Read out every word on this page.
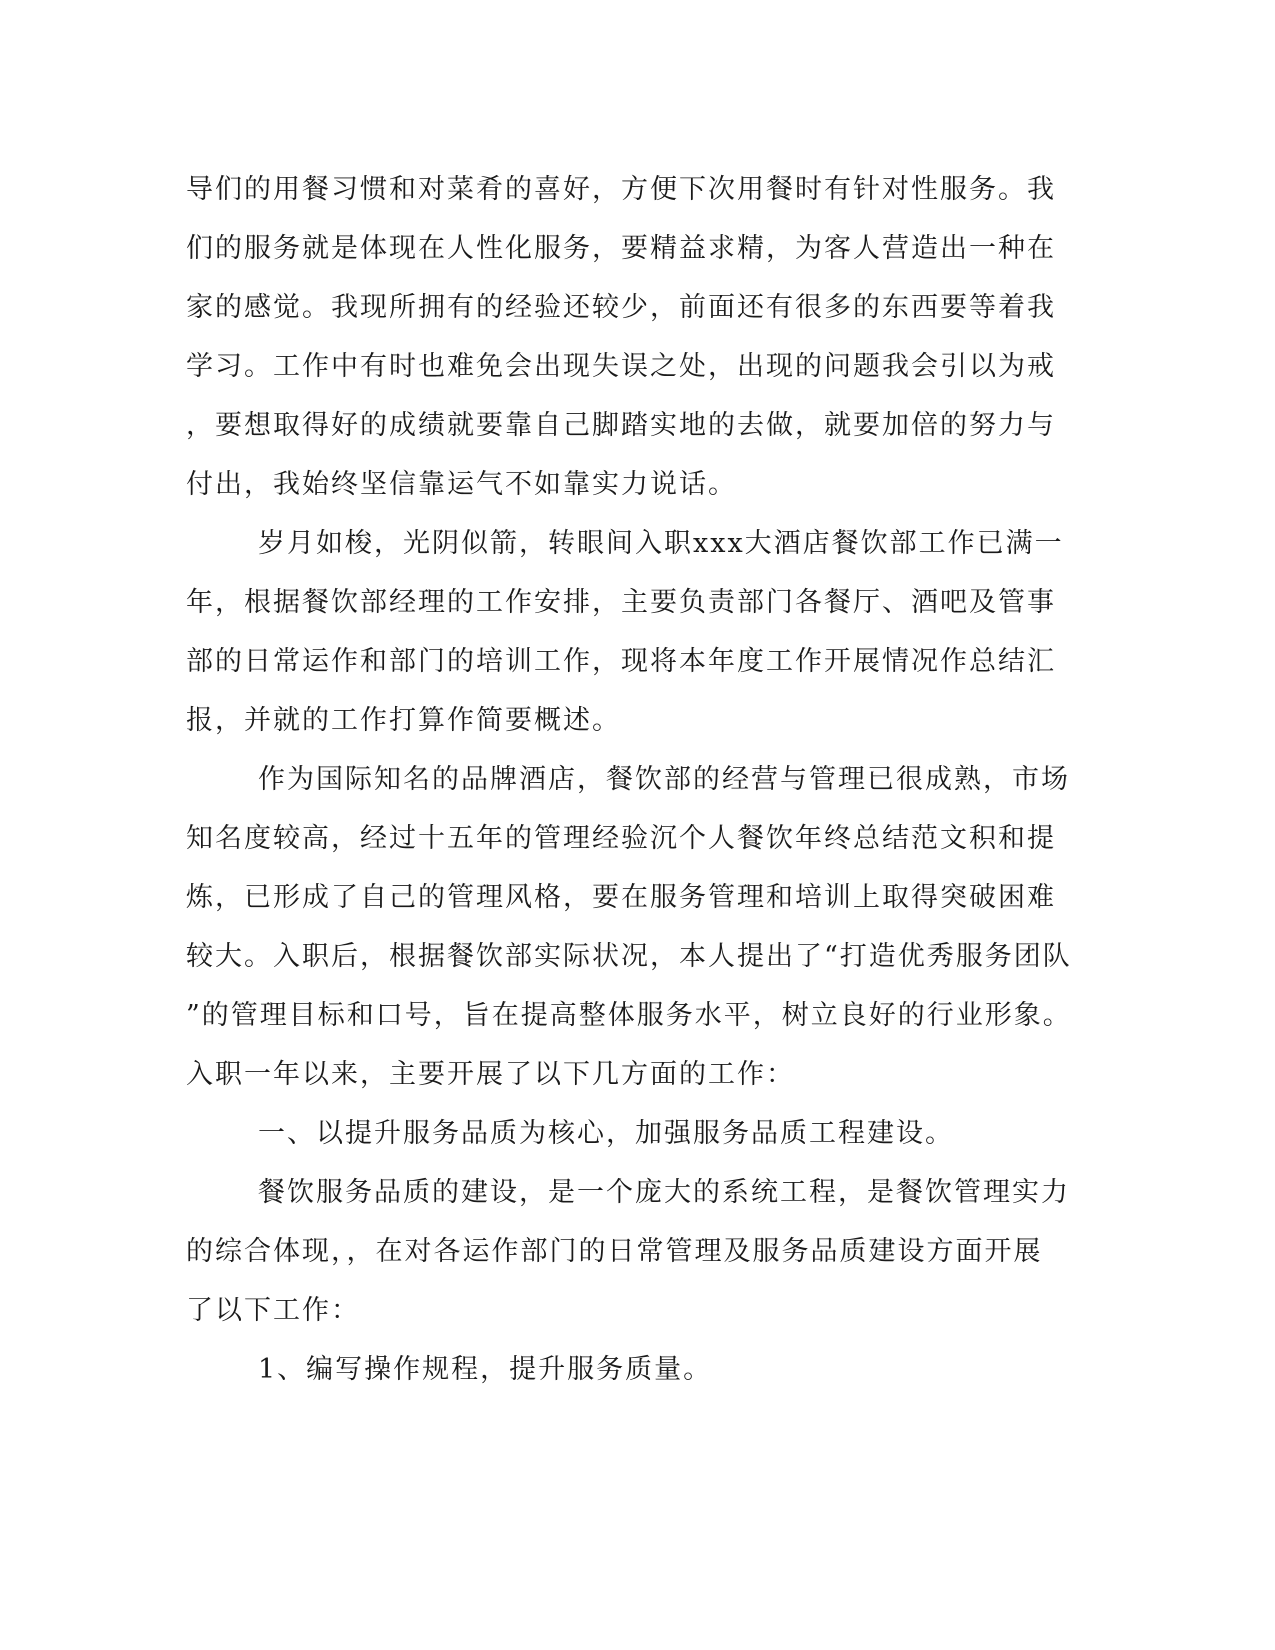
导们的用餐习惯和对菜肴的喜好，方便下次用餐时有针对性服务。我
们的服务就是体现在人性化服务，要精益求精，为客人营造出一种在
家的感觉。我现所拥有的经验还较少，前面还有很多的东西要等着我
学习。工作中有时也难免会出现失误之处，出现的问题我会引以为戒
，要想取得好的成绩就要靠自己脚踏实地的去做，就要加倍的努力与
付出，我始终坚信靠运气不如靠实力说话。
岁月如梭，光阴似箭，转眼间入职xxx大酒店餐饮部工作已满一
年，根据餐饮部经理的工作安排，主要负责部门各餐厅、酒吧及管事
部的日常运作和部门的培训工作，现将本年度工作开展情况作总结汇
报，并就的工作打算作简要概述。
作为国际知名的品牌酒店，餐饮部的经营与管理已很成熟，市场
知名度较高，经过十五年的管理经验沉个人餐饮年终总结范文积和提
炼，已形成了自己的管理风格，要在服务管理和培训上取得突破困难
较大。入职后，根据餐饮部实际状况，本人提出了“打造优秀服务团队
”的管理目标和口号，旨在提高整体服务水平，树立良好的行业形象。
入职一年以来，主要开展了以下几方面的工作：
一、以提升服务品质为核心，加强服务品质工程建设。
餐饮服务品质的建设，是一个庞大的系统工程，是餐饮管理实力
的综合体现，，在对各运作部门的日常管理及服务品质建设方面开展
了以下工作：
1、编写操作规程，提升服务质量。
